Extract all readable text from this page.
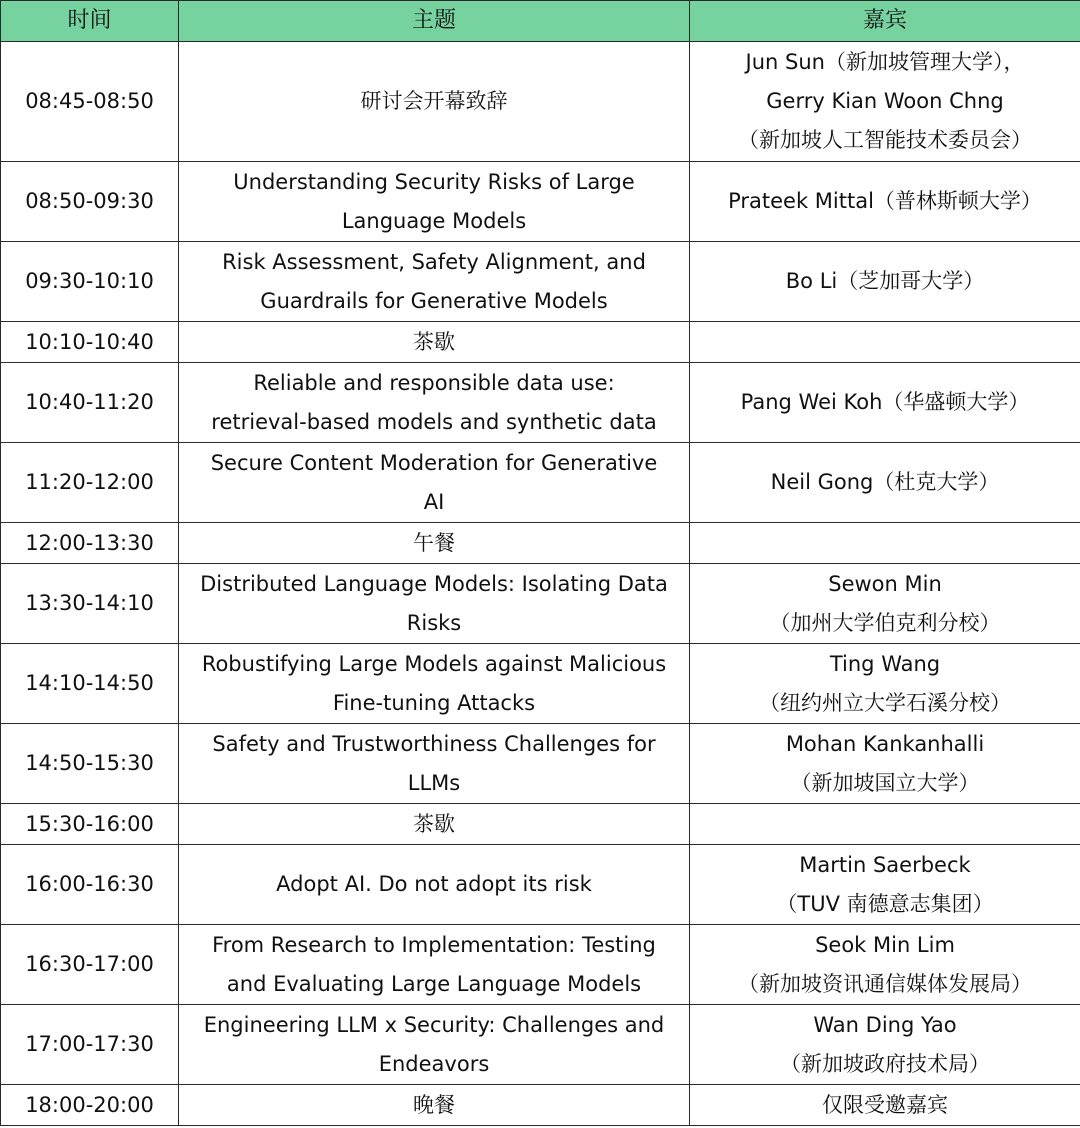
时间	主题	嘉宾
08:45-08:50	研讨会开幕致辞	Jun Sun（新加坡管理大学），
Gerry Kian Woon Chng
（新加坡人工智能技术委员会）

08:50-09:30	Understanding Security Risks of Large
Language Models	Prateek Mittal（普林斯顿大学）

09:30-10:10	Risk Assessment, Safety Alignment, and
Guardrails for Generative Models	Bo Li（芝加哥大学）

10:10-10:40	茶歇	

10:40-11:20	Reliable and responsible data use:
retrieval-based models and synthetic data	Pang Wei Koh（华盛顿大学）

11:20-12:00	Secure Content Moderation for Generative
AI	Neil Gong（杜克大学）

12:00-13:30	午餐	

13:30-14:10	Distributed Language Models: Isolating Data
Risks	Sewon Min
（加州大学伯克利分校）

14:10-14:50	Robustifying Large Models against Malicious
Fine-tuning Attacks	Ting Wang
（纽约州立大学石溪分校）

14:50-15:30	Safety and Trustworthiness Challenges for
LLMs	Mohan Kankanhalli
（新加坡国立大学）

15:30-16:00	茶歇	

16:00-16:30	Adopt AI. Do not adopt its risk	Martin Saerbeck
（TUV 南德意志集团）

16:30-17:00	From Research to Implementation: Testing
and Evaluating Large Language Models	Seok Min Lim
（新加坡资讯通信媒体发展局）

17:00-17:30	Engineering LLM x Security: Challenges and
Endeavors	Wan Ding Yao
（新加坡政府技术局）

18:00-20:00	晚餐	仅限受邀嘉宾
